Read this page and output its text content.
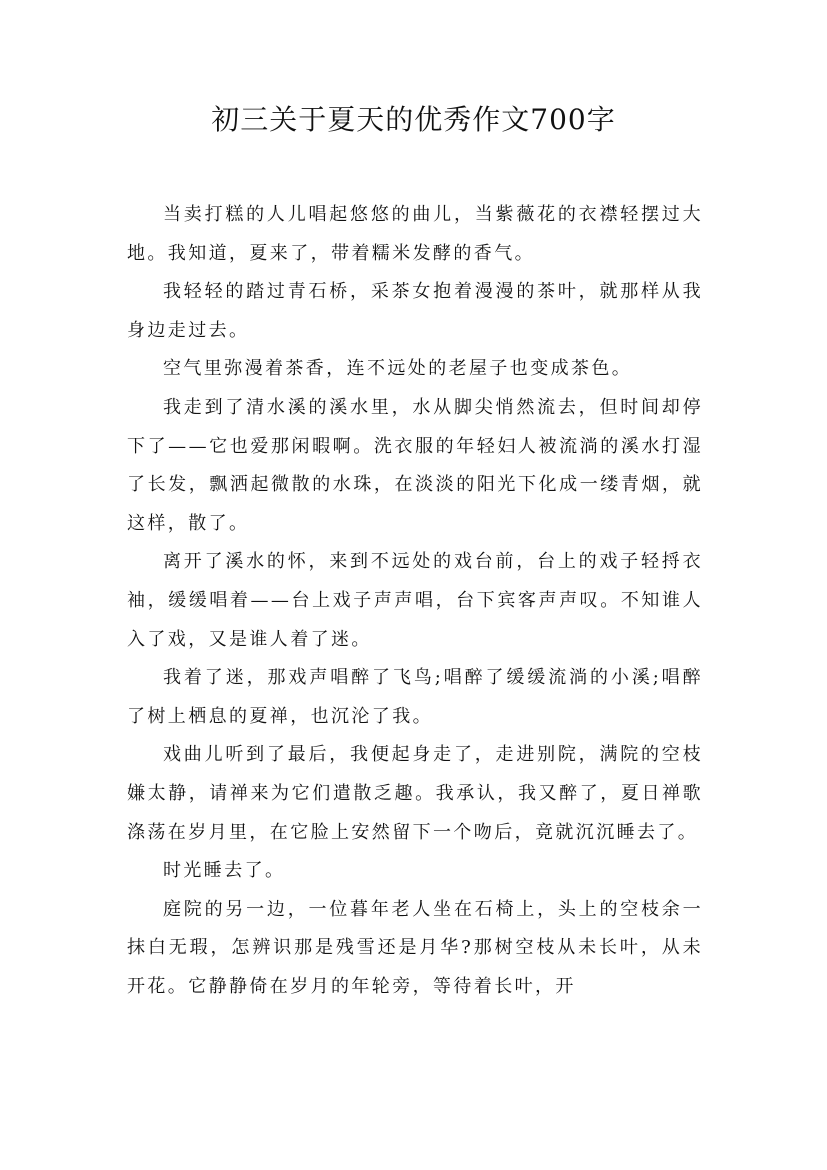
初三关于夏天的优秀作文700字

当卖打糕的人儿唱起悠悠的曲儿，当紫薇花的衣襟轻摆过大地。我知道，夏来了，带着糯米发酵的香气。

我轻轻的踏过青石桥，采茶女抱着漫漫的茶叶，就那样从我身边走过去。

空气里弥漫着茶香，连不远处的老屋子也变成茶色。

我走到了清水溪的溪水里，水从脚尖悄然流去，但时间却停下了——它也爱那闲暇啊。洗衣服的年轻妇人被流淌的溪水打湿了长发，飘洒起微散的水珠，在淡淡的阳光下化成一缕青烟，就这样，散了。

离开了溪水的怀，来到不远处的戏台前，台上的戏子轻捋衣袖，缓缓唱着——台上戏子声声唱，台下宾客声声叹。不知谁人入了戏，又是谁人着了迷。

我着了迷，那戏声唱醉了飞鸟;唱醉了缓缓流淌的小溪;唱醉了树上栖息的夏禅，也沉沦了我。

戏曲儿听到了最后，我便起身走了，走进别院，满院的空枝嫌太静，请禅来为它们遣散乏趣。我承认，我又醉了，夏日禅歌涤荡在岁月里，在它脸上安然留下一个吻后，竟就沉沉睡去了。

时光睡去了。

庭院的另一边，一位暮年老人坐在石椅上，头上的空枝余一抹白无瑕，怎辨识那是残雪还是月华?那树空枝从未长叶，从未开花。它静静倚在岁月的年轮旁，等待着长叶，开
